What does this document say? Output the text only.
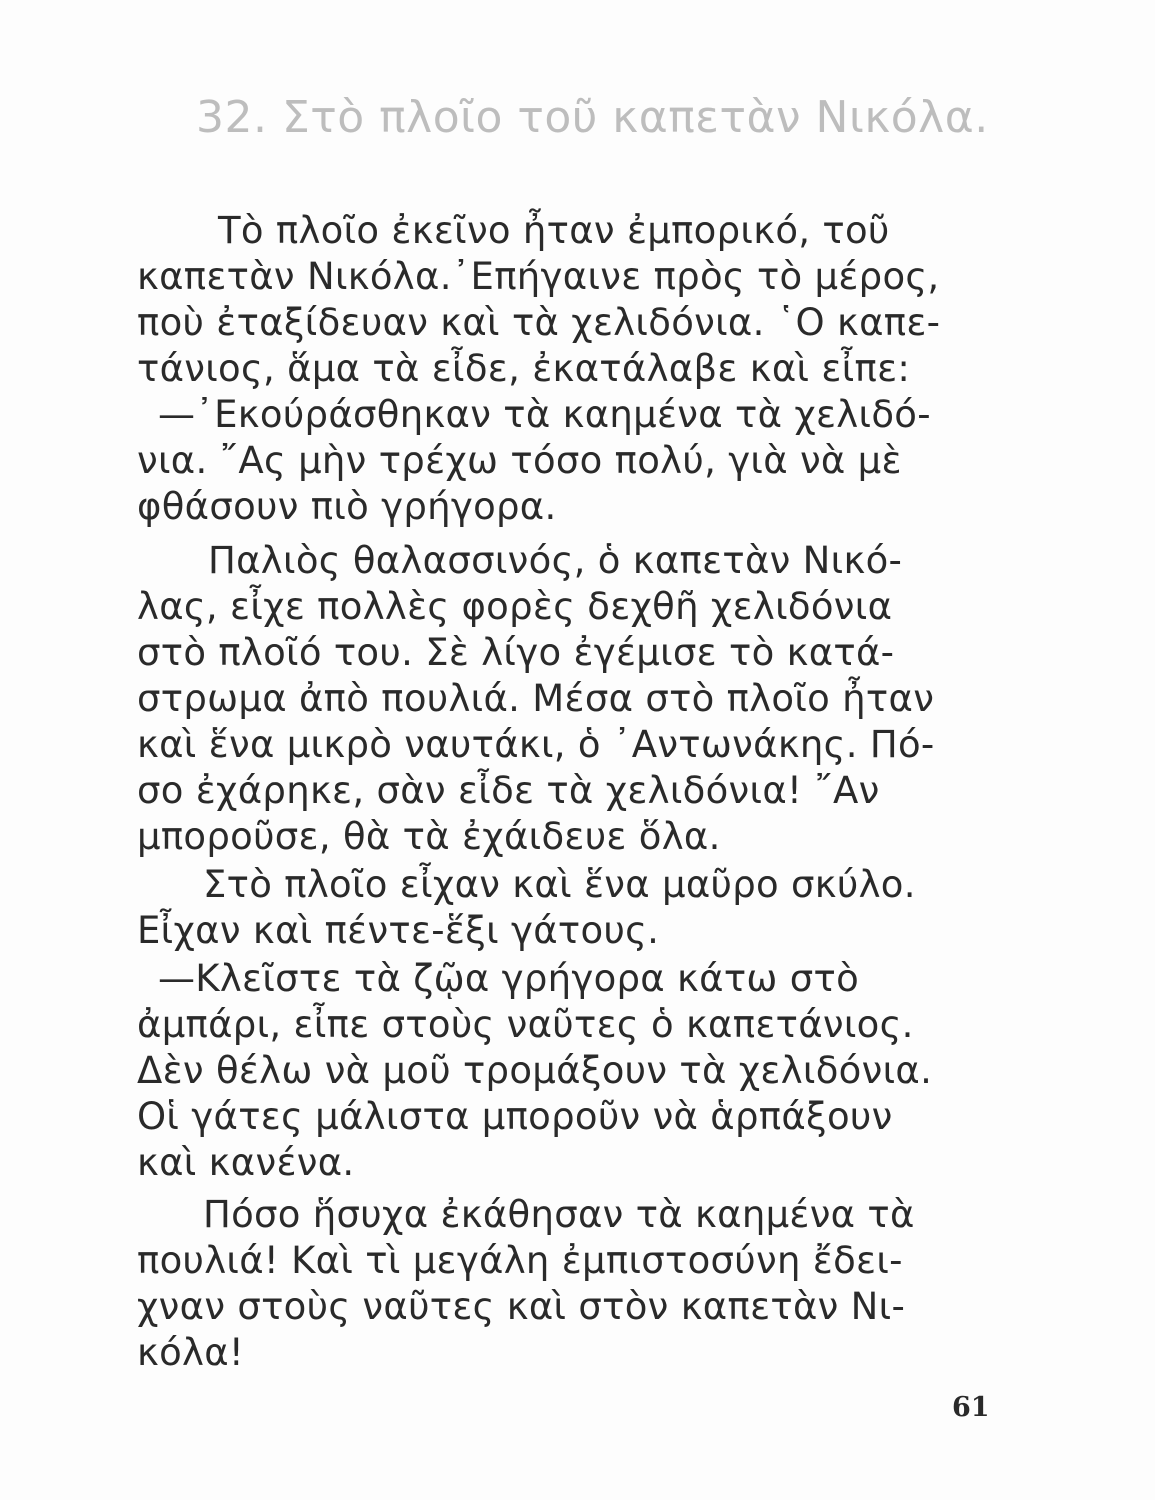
32. Στὸ πλοῖο τοῦ καπετὰν Νικόλα.
Τὸ πλοῖο ἐκεῖνο ἦταν ἐμπορικό, τοῦ
καπετὰν Νικόλα.᾽Επήγαινε πρὸς τὸ μέρος,
ποὺ ἐταξίδευαν καὶ τὰ χελιδόνια. ῾Ο καπε-
τάνιος, ἅμα τὰ εἶδε, ἐκατάλαβε καὶ εἶπε:
—᾽Εκούράσθηκαν τὰ καημένα τὰ χελιδό-
νια. ῎Ας μὴν τρέχω τόσο πολύ, γιὰ νὰ μὲ
φθάσουν πιὸ γρήγορα.
Παλιὸς θαλασσινός, ὁ καπετὰν Νικό-
λας, εἶχε πολλὲς φορὲς δεχθῆ χελιδόνια
στὸ πλοῖό του. Σὲ λίγο ἐγέμισε τὸ κατά-
στρωμα ἀπὸ πουλιά. Μέσα στὸ πλοῖο ἦταν
καὶ ἕνα μικρὸ ναυτάκι, ὁ ᾽Αντωνάκης. Πό-
σο ἐχάρηκε, σὰν εἶδε τὰ χελιδόνια! ῎Αν
μποροῦσε, θὰ τὰ ἐχάιδευε ὅλα.
Στὸ πλοῖο εἶχαν καὶ ἕνα μαῦρο σκύλο.
Εἶχαν καὶ πέντε-ἕξι γάτους.
—Κλεῖστε τὰ ζῷα γρήγορα κάτω στὸ
ἀμπάρι, εἶπε στοὺς ναῦτες ὁ καπετάνιος.
Δὲν θέλω νὰ μοῦ τρομάξουν τὰ χελιδόνια.
Οἱ γάτες μάλιστα μποροῦν νὰ ἁρπάξουν
καὶ κανένα.
Πόσο ἥσυχα ἐκάθησαν τὰ καημένα τὰ
πουλιά! Καὶ τὶ μεγάλη ἐμπιστοσύνη ἔδει-
χναν στοὺς ναῦτες καὶ στὸν καπετὰν Νι-
κόλα!
61
